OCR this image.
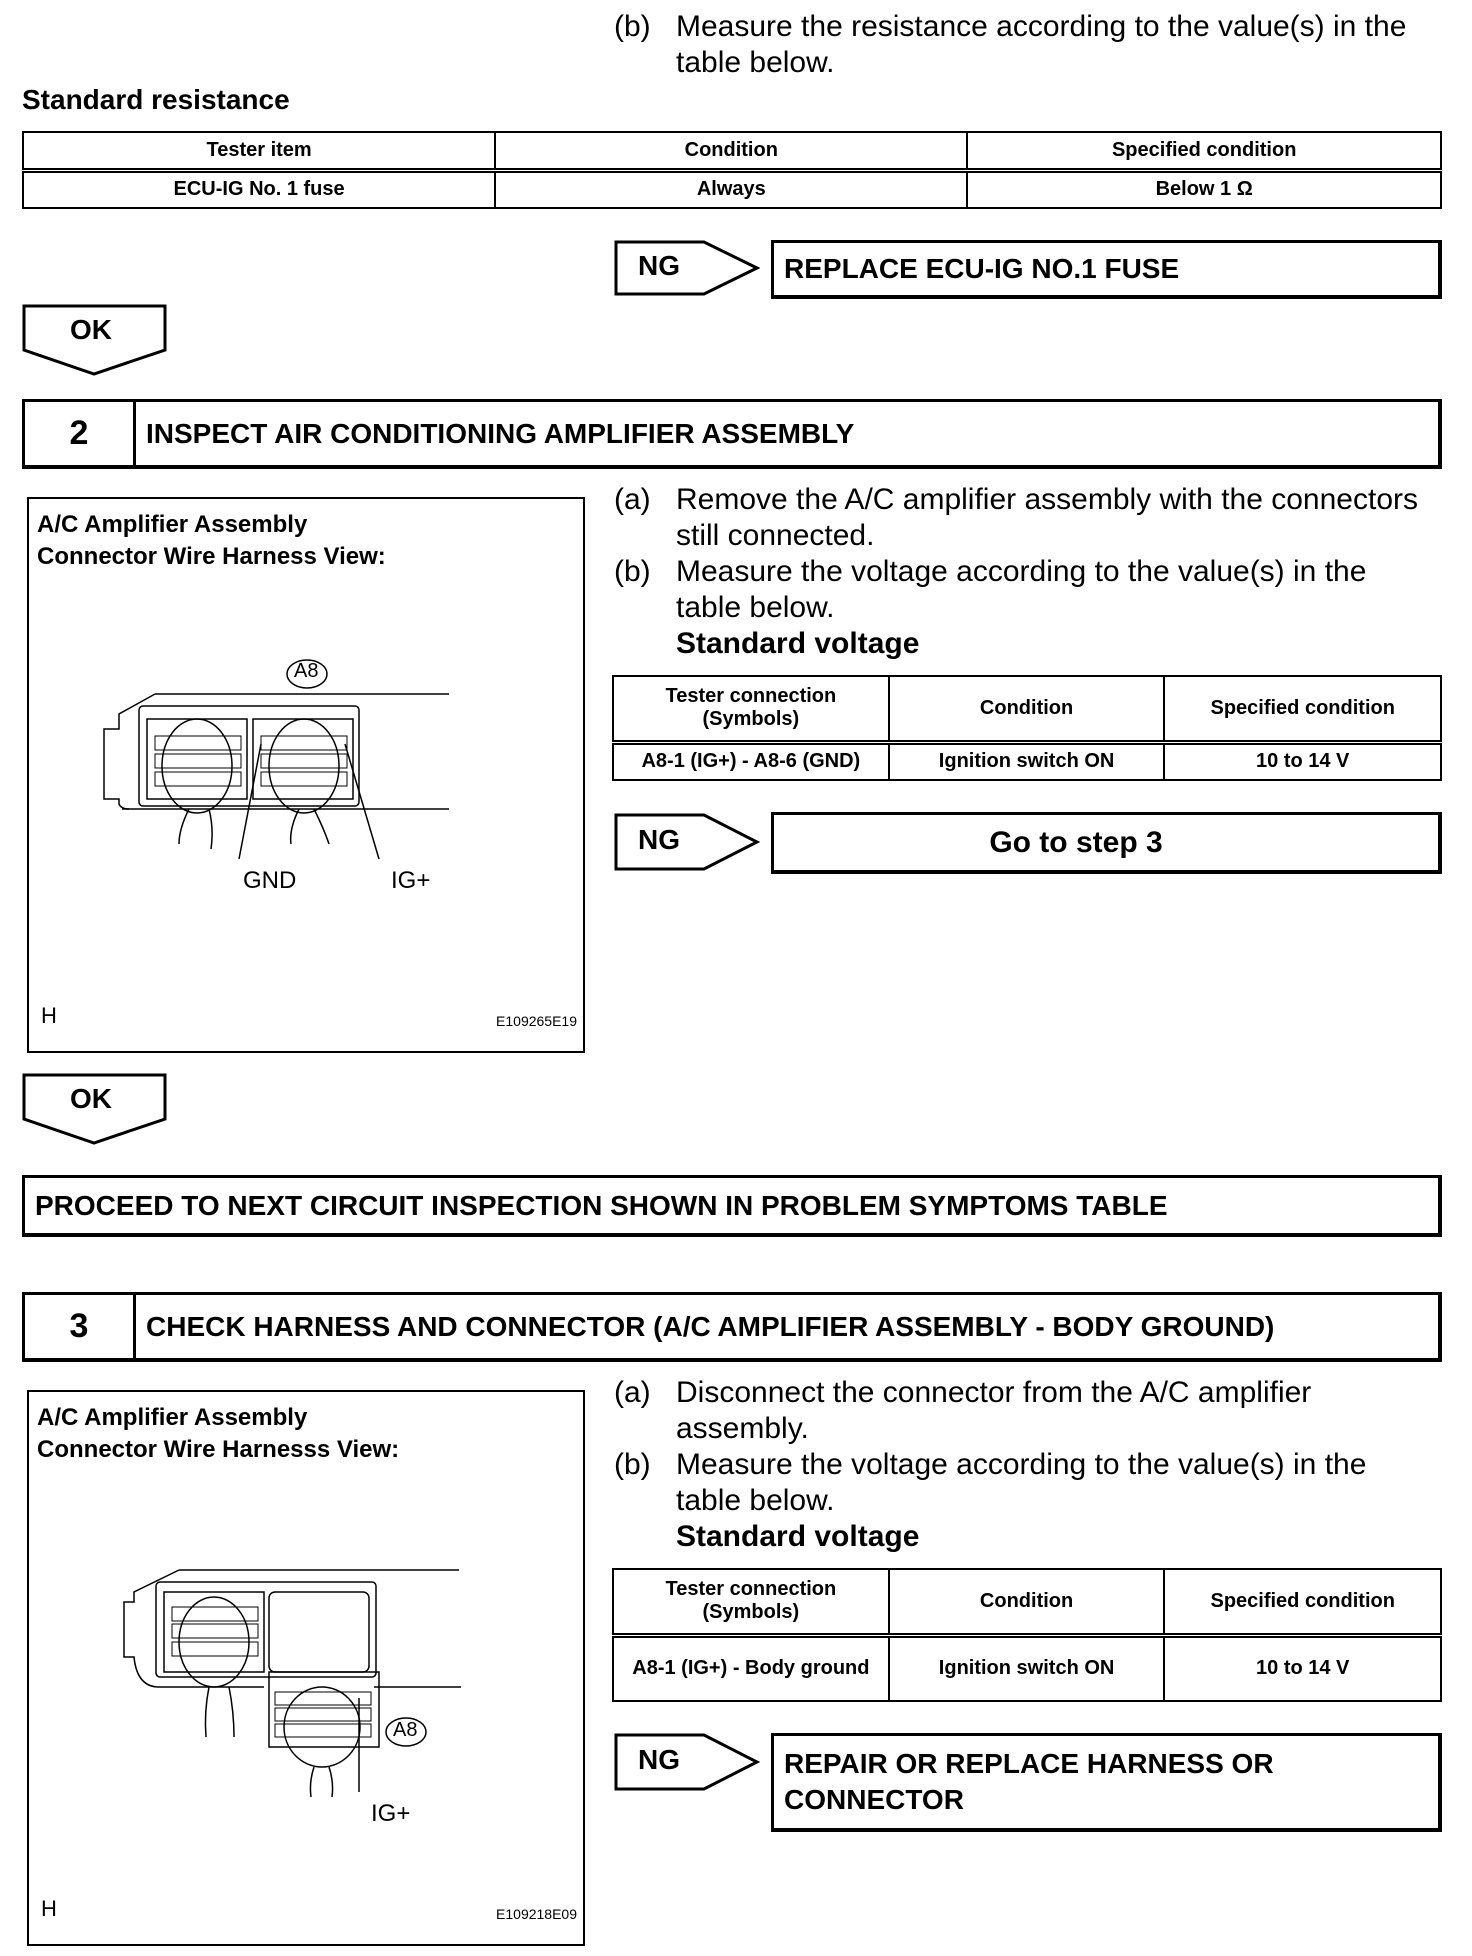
(b) Measure the resistance according to the value(s) in the
table below.
Standard resistance
Tester item	Condition	Specified condition
ECU-IG No. 1 fuse	Always	Below 1 Ω
NG	REPLACE ECU-IG NO.1 FUSE
OK
2	INSPECT AIR CONDITIONING AMPLIFIER ASSEMBLY
A/C Amplifier Assembly
Connector Wire Harness View:
A8
GND	IG+
H	E109265E19
(a) Remove the A/C amplifier assembly with the connectors
still connected.
(b) Measure the voltage according to the value(s) in the
table below.
Standard voltage
Tester connection (Symbols)	Condition	Specified condition
A8-1 (IG+) - A8-6 (GND)	Ignition switch ON	10 to 14 V
NG	Go to step 3
OK
PROCEED TO NEXT CIRCUIT INSPECTION SHOWN IN PROBLEM SYMPTOMS TABLE
3	CHECK HARNESS AND CONNECTOR (A/C AMPLIFIER ASSEMBLY - BODY GROUND)
A/C Amplifier Assembly
Connector Wire Harnesss View:
A8
IG+
H	E109218E09
(a) Disconnect the connector from the A/C amplifier
assembly.
(b) Measure the voltage according to the value(s) in the
table below.
Standard voltage
Tester connection (Symbols)	Condition	Specified condition
A8-1 (IG+) - Body ground	Ignition switch ON	10 to 14 V
NG	REPAIR OR REPLACE HARNESS OR
CONNECTOR
